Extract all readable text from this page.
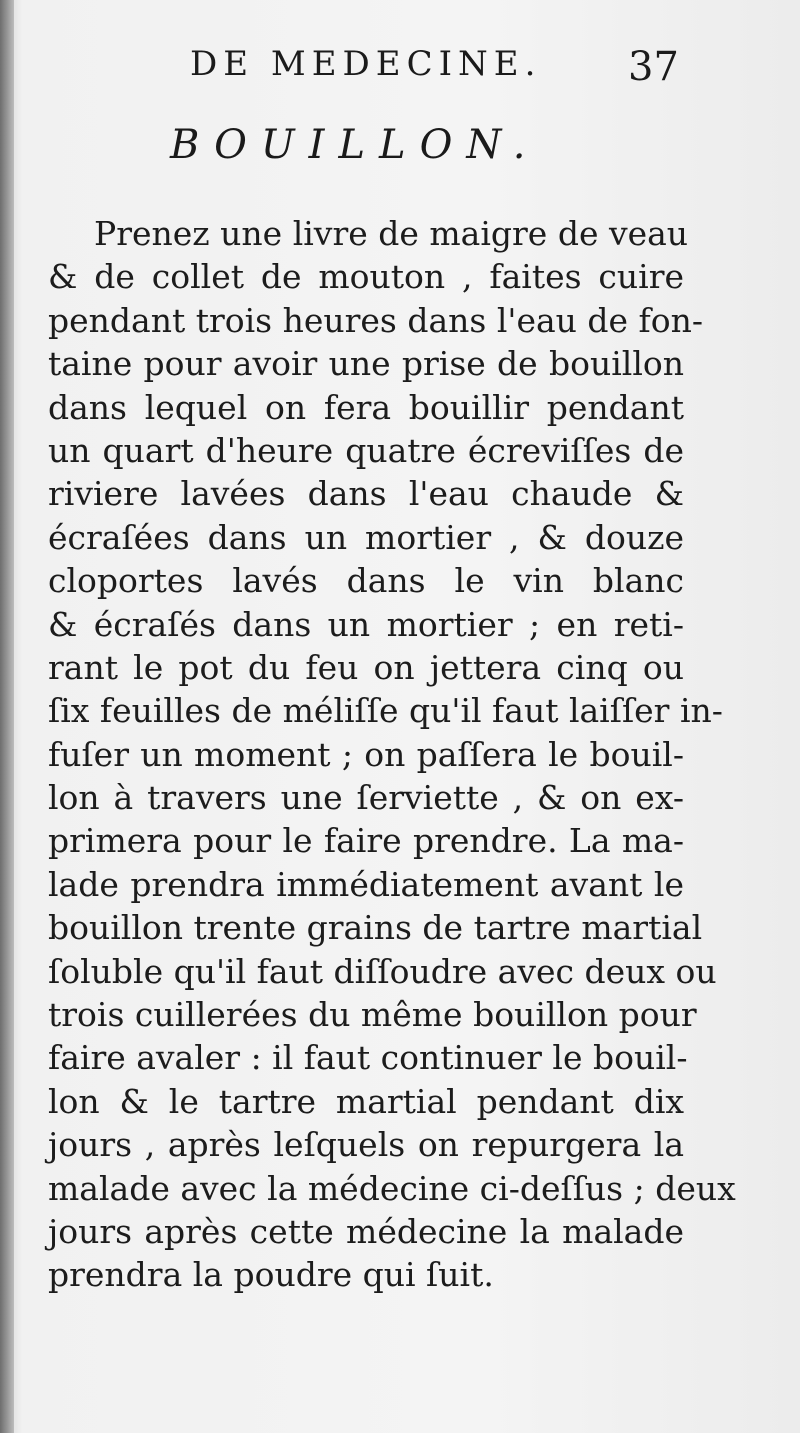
DE MEDECINE. 37
BOUILLON.
Prenez une livre de maigre de veau
& de collet de mouton , faites cuire
pendant trois heures dans l'eau de fon-
taine pour avoir une prise de bouillon
dans lequel on fera bouillir pendant
un quart d'heure quatre écreviſſes de
riviere lavées dans l'eau chaude &
écraſées dans un mortier , & douze
cloportes lavés dans le vin blanc
& écraſés dans un mortier ; en reti-
rant le pot du feu on jettera cinq ou
ſix feuilles de méliſſe qu'il faut laiſſer in-
fuſer un moment ; on paſſera le bouil-
lon à travers une ſerviette , & on ex-
primera pour le faire prendre. La ma-
lade prendra immédiatement avant le
bouillon trente grains de tartre martial
ſoluble qu'il faut diſſoudre avec deux ou
trois cuillerées du même bouillon pour
faire avaler : il faut continuer le bouil-
lon & le tartre martial pendant dix
jours , après leſquels on repurgera la
malade avec la médecine ci-deſſus ; deux
jours après cette médecine la malade
prendra la poudre qui ſuit.
